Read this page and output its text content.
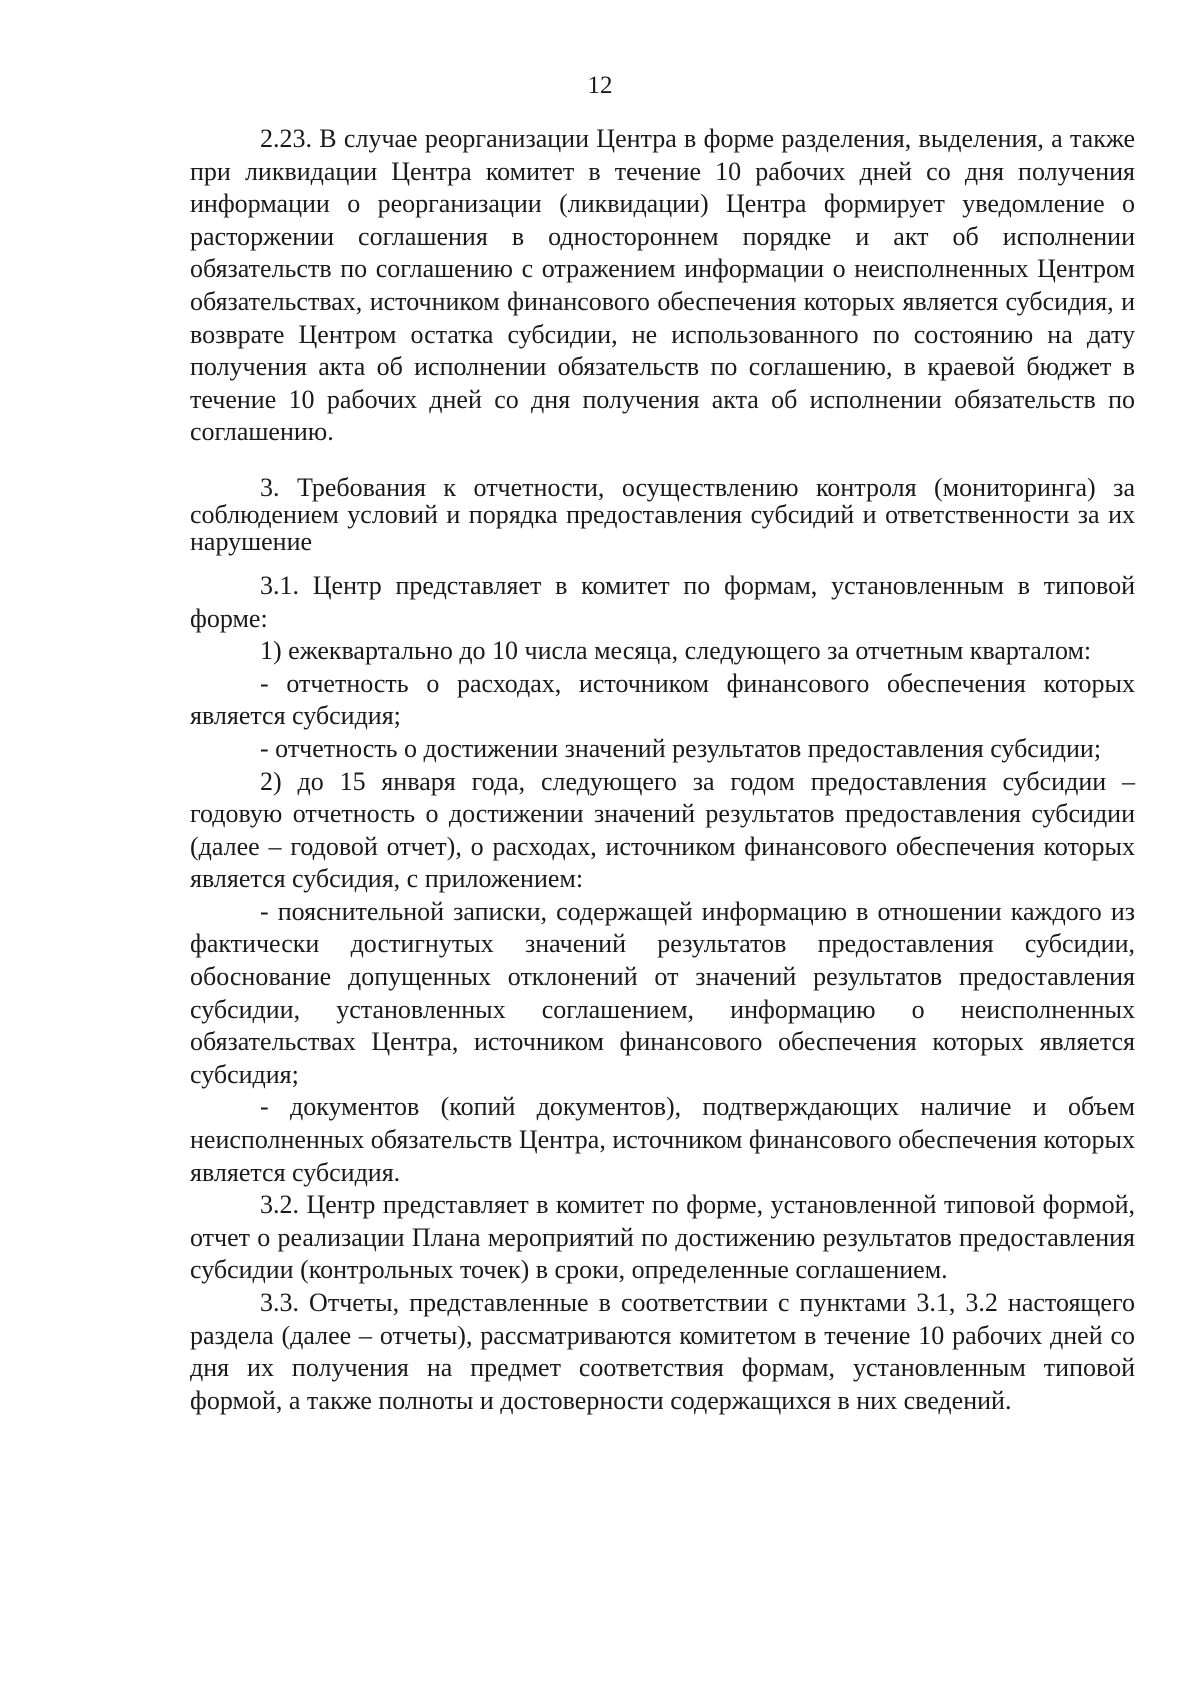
12

2.23. В случае реорганизации Центра в форме разделения, выделения, а также при ликвидации Центра комитет в течение 10 рабочих дней со дня получения информации о реорганизации (ликвидации) Центра формирует уведомление о расторжении соглашения в одностороннем порядке и акт об исполнении обязательств по соглашению с отражением информации о неисполненных Центром обязательствах, источником финансового обеспечения которых является субсидия, и возврате Центром остатка субсидии, не использованного по состоянию на дату получения акта об исполнении обязательств по соглашению, в краевой бюджет в течение 10 рабочих дней со дня получения акта об исполнении обязательств по соглашению.

3. Требования к отчетности, осуществлению контроля (мониторинга) за соблюдением условий и порядка предоставления субсидий и ответственности за их нарушение

3.1. Центр представляет в комитет по формам, установленным в типовой форме:

1) ежеквартально до 10 числа месяца, следующего за отчетным кварталом:

- отчетность о расходах, источником финансового обеспечения которых является субсидия;

- отчетность о достижении значений результатов предоставления субсидии;

2) до 15 января года, следующего за годом предоставления субсидии – годовую отчетность о достижении значений результатов предоставления субсидии (далее – годовой отчет), о расходах, источником финансового обеспечения которых является субсидия, с приложением:

- пояснительной записки, содержащей информацию в отношении каждого из фактически достигнутых значений результатов предоставления субсидии, обоснование допущенных отклонений от значений результатов предоставления субсидии, установленных соглашением, информацию о неисполненных обязательствах Центра, источником финансового обеспечения которых является субсидия;

- документов (копий документов), подтверждающих наличие и объем неисполненных обязательств Центра, источником финансового обеспечения которых является субсидия.

3.2. Центр представляет в комитет по форме, установленной типовой формой, отчет о реализации Плана мероприятий по достижению результатов предоставления субсидии (контрольных точек) в сроки, определенные соглашением.

3.3. Отчеты, представленные в соответствии с пунктами 3.1, 3.2 настоящего раздела (далее – отчеты), рассматриваются комитетом в течение 10 рабочих дней со дня их получения на предмет соответствия формам, установленным типовой формой, а также полноты и достоверности содержащихся в них сведений.
